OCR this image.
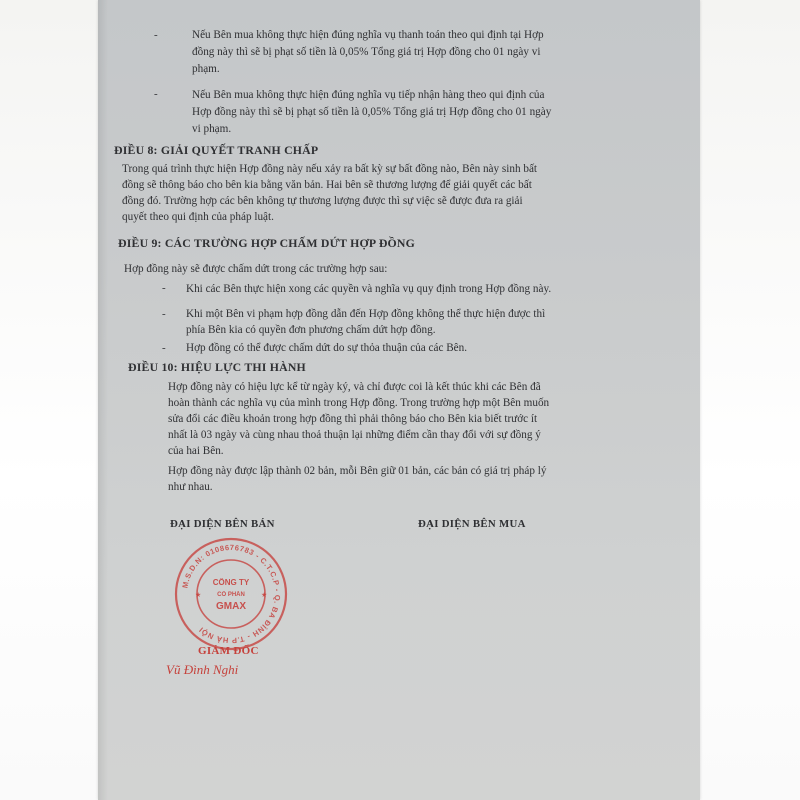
-	Nếu Bên mua không thực hiện đúng nghĩa vụ thanh toán theo qui định tại Hợp
đồng này thì sẽ bị phạt số tiền là 0,05% Tổng giá trị Hợp đồng cho 01 ngày vi
phạm.
-	Nếu Bên mua không thực hiện đúng nghĩa vụ tiếp nhận hàng theo qui định của
Hợp đồng này thì sẽ bị phạt số tiền là 0,05% Tổng giá trị Hợp đồng cho 01 ngày
vi phạm.
ĐIỀU 8: GIẢI QUYẾT TRANH CHẤP
Trong quá trình thực hiện Hợp đồng này nếu xảy ra bất kỳ sự bất đồng nào, Bên này sinh bất
đồng sẽ thông báo cho bên kia bằng văn bản. Hai bên sẽ thương lượng để giải quyết các bất
đồng đó. Trường hợp các bên không tự thương lượng được thì sự việc sẽ được đưa ra giải
quyết theo qui định của pháp luật.
ĐIỀU 9: CÁC TRƯỜNG HỢP CHẤM DỨT HỢP ĐỒNG
Hợp đồng này sẽ được chấm dứt trong các trường hợp sau:
- Khi các Bên thực hiện xong các quyền và nghĩa vụ quy định trong Hợp đồng này.
- Khi một Bên vi phạm hợp đồng dẫn đến Hợp đồng không thể thực hiện được thì
phía Bên kia có quyền đơn phương chấm dứt hợp đồng.
- Hợp đồng có thể được chấm dứt do sự thỏa thuận của các Bên.
ĐIỀU 10: HIỆU LỰC THI HÀNH
Hợp đồng này có hiệu lực kể từ ngày ký, và chỉ được coi là kết thúc khi các Bên đã
hoàn thành các nghĩa vụ của mình trong Hợp đồng. Trong trường hợp một Bên muốn
sửa đổi các điều khoản trong hợp đồng thì phải thông báo cho Bên kia biết trước ít
nhất là 03 ngày và cùng nhau thoả thuận lại những điểm cần thay đổi với sự đồng ý
của hai Bên.
Hợp đồng này được lập thành 02 bản, mỗi Bên giữ 01 bản, các bản có giá trị pháp lý
như nhau.
ĐẠI DIỆN BÊN BÁN	ĐẠI DIỆN BÊN MUA
M.S.D.N: 0108676783 - C.T.C.P - Q. BA ĐÌNH - T.P HÀ NỘI
CÔNG TY
CỔ PHẦN
GMAX
★	★
GIÁM ĐỐC
Vũ Đình Nghi
